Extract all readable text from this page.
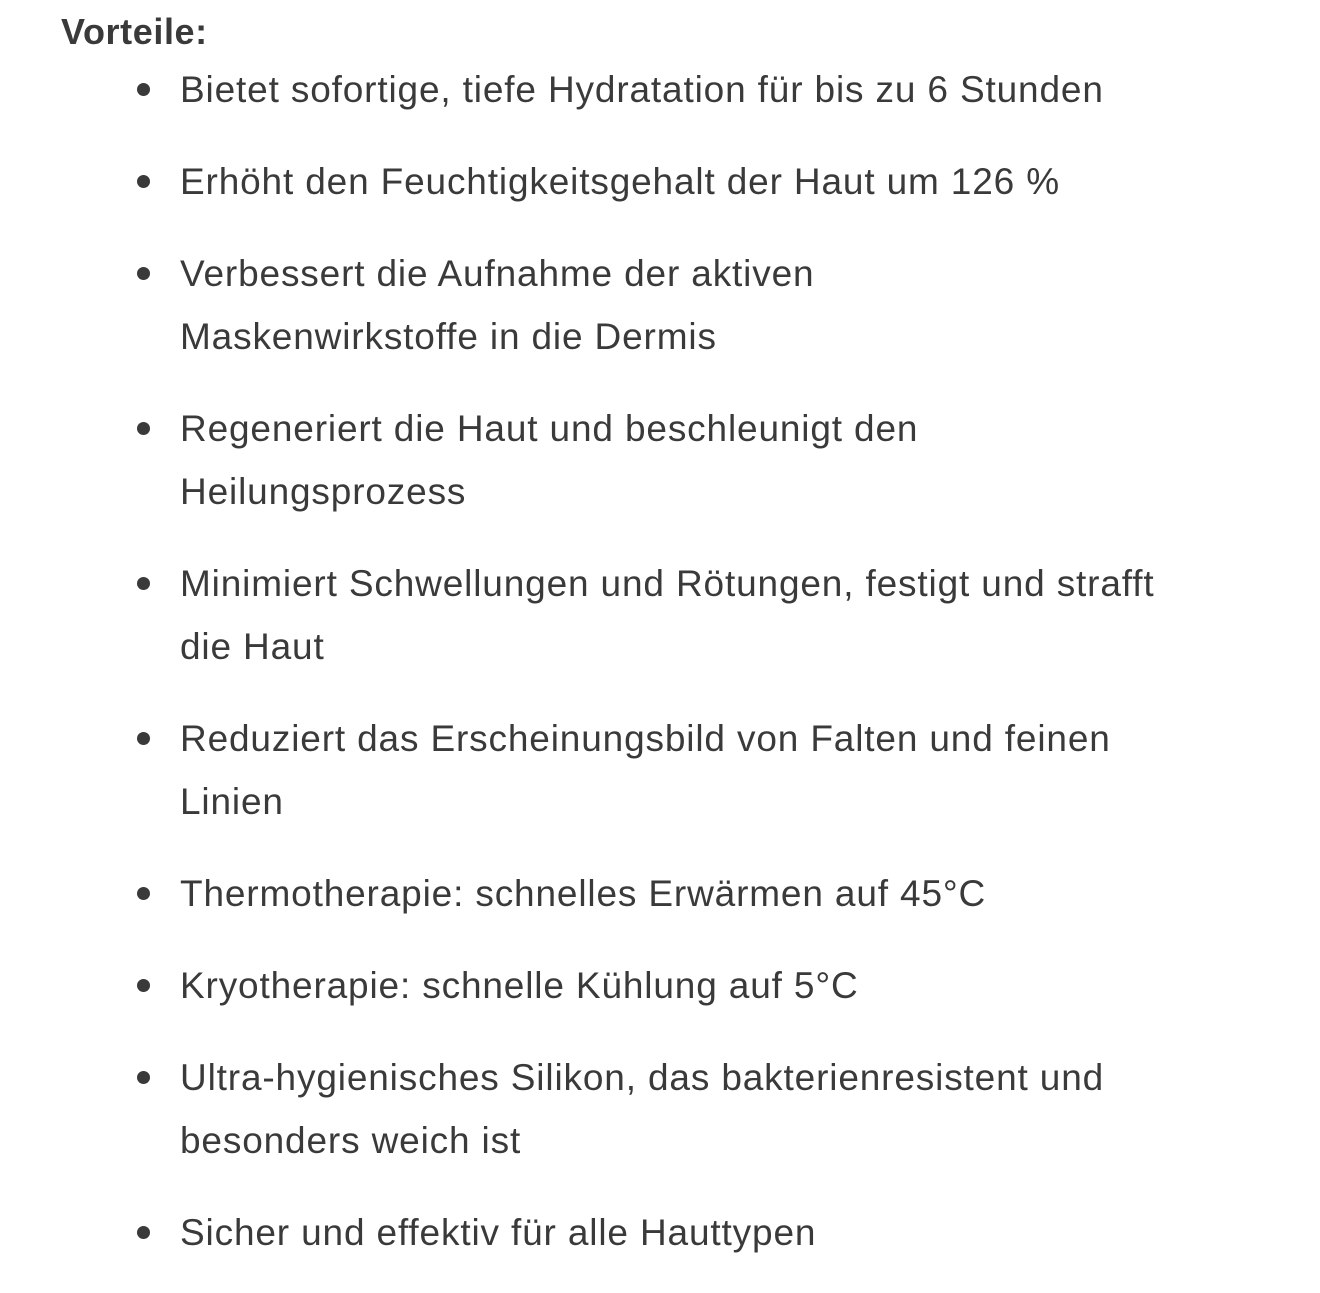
Vorteile:
Bietet sofortige, tiefe Hydratation für bis zu 6 Stunden
Erhöht den Feuchtigkeitsgehalt der Haut um 126 %
Verbessert die Aufnahme der aktiven Maskenwirkstoffe in die Dermis
Regeneriert die Haut und beschleunigt den Heilungsprozess
Minimiert Schwellungen und Rötungen, festigt und strafft die Haut
Reduziert das Erscheinungsbild von Falten und feinen Linien
Thermotherapie: schnelles Erwärmen auf 45°C
Kryotherapie: schnelle Kühlung auf 5°C
Ultra-hygienisches Silikon, das bakterienresistent und besonders weich ist
Sicher und effektiv für alle Hauttypen
